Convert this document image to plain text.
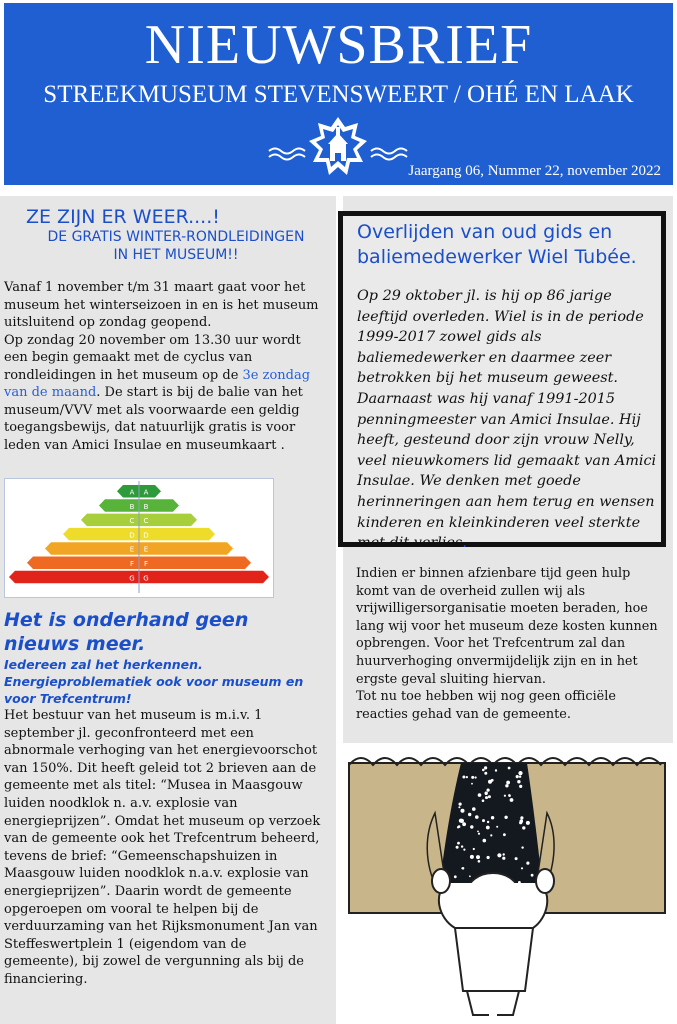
NIEUWSBRIEF
STREEKMUSEUM STEVENSWEERT / OHÉ EN LAAK
Jaargang 06, Nummer 22, november 2022
ZE ZIJN ER WEER....!
DE GRATIS WINTER-RONDLEIDINGEN
IN HET MUSEUM!!

Vanaf 1 november t/m 31 maart gaat voor het museum het winterseizoen in en is het museum uitsluitend op zondag geopend.
Op zondag 20 november om 13.30 uur wordt een begin gemaakt met de cyclus van rondleidingen in het museum op de 3e zondag van de maand. De start is bij de balie van het museum/VVV met als voorwaarde een geldig toegangsbewijs, dat natuurlijk gratis is voor leden van Amici Insulae en museumkaart .

A A
B B
C C
D D
E E
F F
G G
Het is onderhand geen
nieuws meer.
Iedereen zal het herkennen.
Energieproblematiek ook voor museum en
voor Trefcentrum!

Het bestuur van het museum is m.i.v. 1 september jl. geconfronteerd met een abnormale verhoging van het energievoorschot van 150%. Dit heeft geleid tot 2 brieven aan de gemeente met als titel: “Musea in Maasgouw luiden noodklok n. a.v. explosie van energieprijzen”. Omdat het museum op verzoek van de gemeente ook het Trefcentrum beheerd, tevens de brief: “Gemeenschapshuizen in Maasgouw luiden noodklok n.a.v. explosie van energieprijzen”. Daarin wordt de gemeente opgeroepen om vooral te helpen bij de verduurzaming van het Rijksmonument Jan van Steffeswertplein 1 (eigendom van de gemeente), bij zowel de vergunning als bij de financiering.

Overlijden van oud gids en
baliemedewerker Wiel Tubée.
Op 29 oktober jl. is hij op 86 jarige leeftijd overleden. Wiel is in de periode 1999-2017 zowel gids als baliemedewerker en daarmee zeer betrokken bij het museum geweest. Daarnaast was hij vanaf 1991-2015 penningmeester van Amici Insulae. Hij heeft, gesteund door zijn vrouw Nelly, veel nieuwkomers lid gemaakt van Amici Insulae. We denken met goede herinneringen aan hem terug en wensen kinderen en kleinkinderen veel sterkte met dit verlies.

Indien er binnen afzienbare tijd geen hulp komt van de overheid zullen wij als vrijwilligersorganisatie moeten beraden, hoe lang wij voor het museum deze kosten kunnen opbrengen. Voor het Trefcentrum zal dan huurverhoging onvermijdelijk zijn en in het ergste geval sluiting hiervan.
Tot nu toe hebben wij nog geen officiële reacties gehad van de gemeente.
